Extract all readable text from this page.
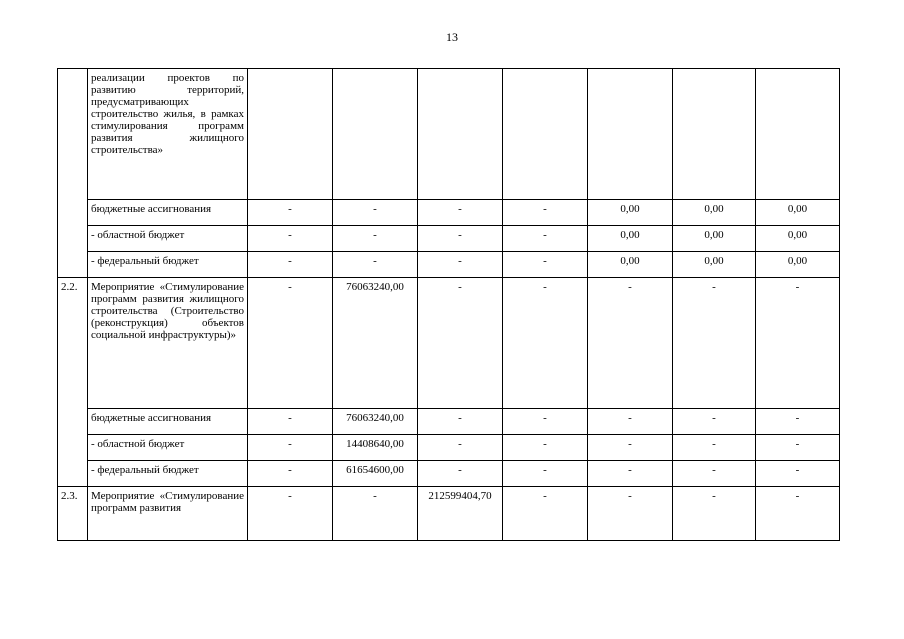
13
	реализации проектов по развитию территорий, предусматривающих строительство жилья, в рамках стимулирования программ развития жилищного строительства»							
	бюджетные ассигнования	-	-	-	-	0,00	0,00	0,00
	- областной бюджет	-	-	-	-	0,00	0,00	0,00
	- федеральный бюджет	-	-	-	-	0,00	0,00	0,00
2.2.	Мероприятие «Стимулирование программ развития жилищного строительства (Строительство (реконструкция) объектов социальной инфраструктуры)»	-	76063240,00	-	-	-	-	-
	бюджетные ассигнования	-	76063240,00	-	-	-	-	-
	- областной бюджет	-	14408640,00	-	-	-	-	-
	- федеральный бюджет	-	61654600,00	-	-	-	-	-
2.3.	Мероприятие «Стимулирование программ развития	-	-	212599404,70	-	-	-	-
